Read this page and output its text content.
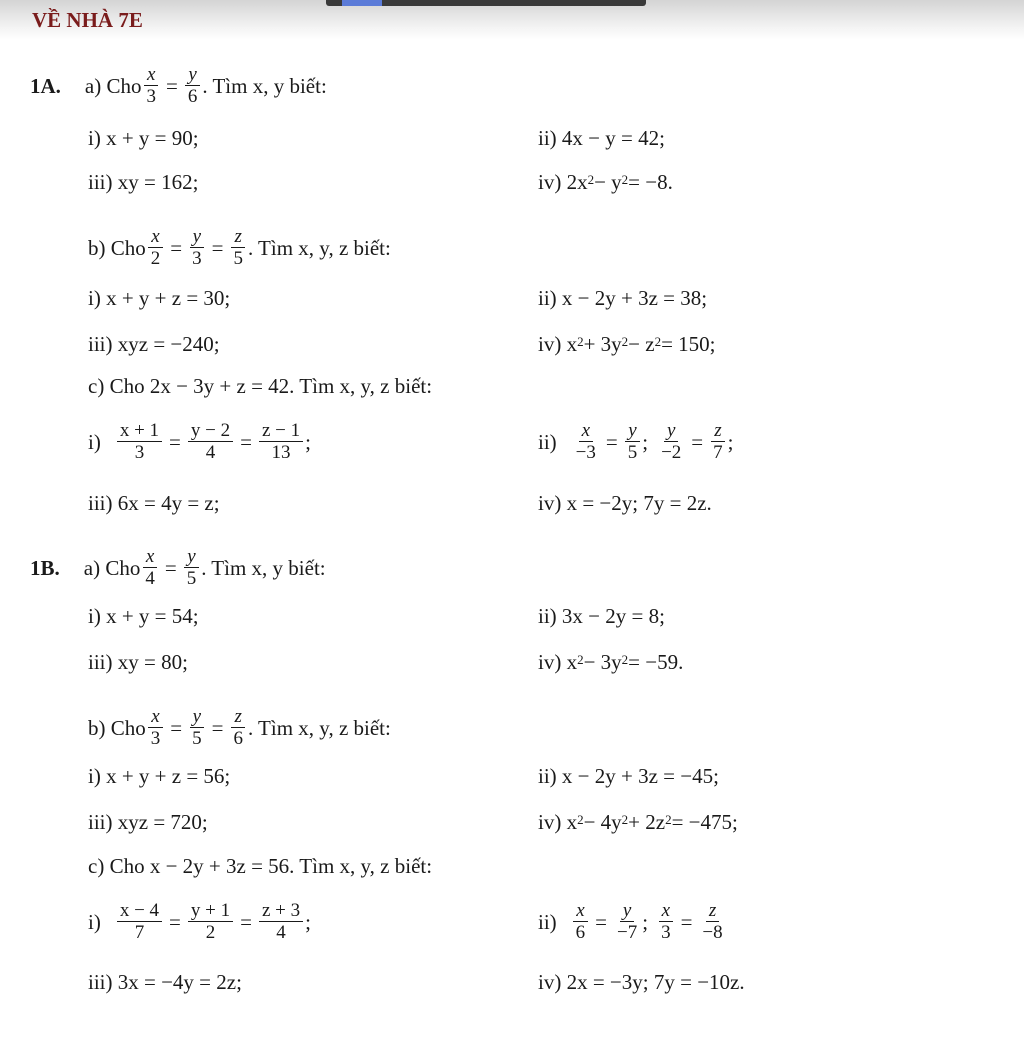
VỀ NHÀ 7E
1A. a) Cho $\frac{x}{3} = \frac{y}{6}$ . Tìm x, y biết:
i) x + y = 90;	ii) 4x − y = 42;
iii) xy = 162;	iv) $2x^2 - y^2 = -8$.
b) Cho $\frac{x}{2} = \frac{y}{3} = \frac{z}{5}$ . Tìm x, y, z biết:
i) x + y + z = 30;	ii) x − 2y + 3z = 38;
iii) xyz = −240;	iv) $x^2 + 3y^2 - z^2 = 150$;
c) Cho 2x − 3y + z = 42. Tìm x, y, z biết:
$i) \frac{x + 1}{3} = \frac{y - 2}{4} = \frac{z - 1}{13}$ ;	$ii) \frac{x}{-3} = \frac{y}{5}$ ; $\frac{y}{-2} = \frac{z}{7}$ ;
iii) 6x = 4y = z;	iv) x = −2y; 7y = 2z.
1B. a) Cho $\frac{x}{4} = \frac{y}{5}$ . Tìm x, y biết:
i) x + y = 54;	ii) 3x − 2y = 8;
iii) xy = 80;	iv) $x^2 - 3y^2 = -59$.
b) Cho $\frac{x}{3} = \frac{y}{5} = \frac{z}{6}$ . Tìm x, y, z biết:
i) x + y + z = 56;	ii) x − 2y + 3z = −45;
iii) xyz = 720;	iv) $x^2 - 4y^2 + 2z^2 = -475$;
c) Cho x − 2y + 3z = 56. Tìm x, y, z biết:
$i) \frac{x - 4}{7} = \frac{y + 1}{2} = \frac{z + 3}{4}$ ;	$ii) \frac{x}{6} = \frac{y}{-7}$ ; $\frac{x}{3} = \frac{z}{-8}$
iii) 3x = −4y = 2z;	iv) 2x = −3y; 7y = −10z.
